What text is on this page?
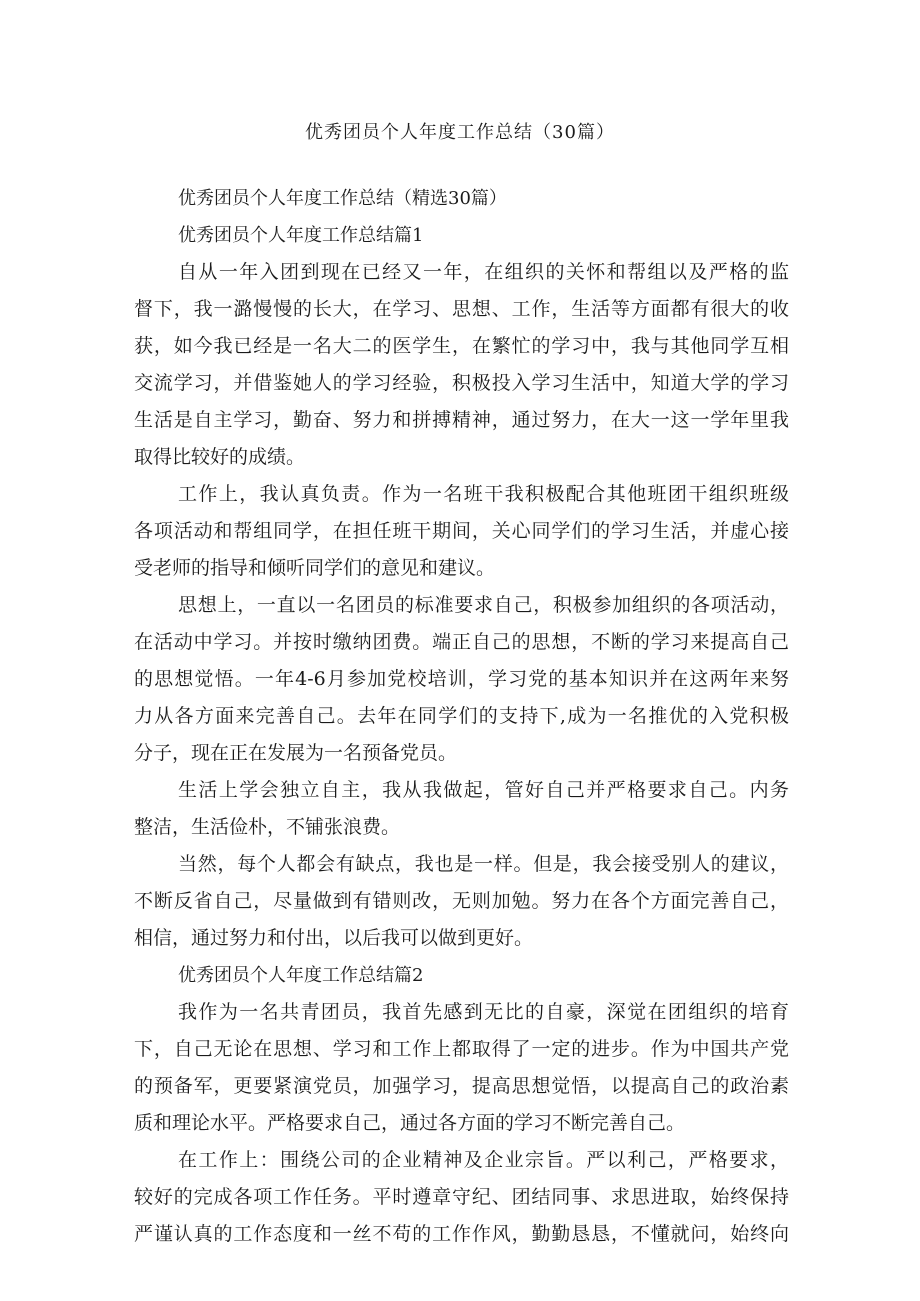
优秀团员个人年度工作总结（30篇）
优秀团员个人年度工作总结（精选30篇）
优秀团员个人年度工作总结篇1
自从一年入团到现在已经又一年，在组织的关怀和帮组以及严格的监
督下，我一潞慢慢的长大，在学习、思想、工作，生活等方面都有很大的收
获，如今我已经是一名大二的医学生，在繁忙的学习中，我与其他同学互相
交流学习，并借鉴她人的学习经验，积极投入学习生活中，知道大学的学习
生活是自主学习，勤奋、努力和拼搏精神，通过努力，在大一这一学年里我
取得比较好的成绩。
工作上，我认真负责。作为一名班干我积极配合其他班团干组织班级
各项活动和帮组同学，在担任班干期间，关心同学们的学习生活，并虚心接
受老师的指导和倾听同学们的意见和建议。
思想上，一直以一名团员的标准要求自己，积极参加组织的各项活动，
在活动中学习。并按时缴纳团费。端正自己的思想，不断的学习来提高自己
的思想觉悟。一年4-6月参加党校培训，学习党的基本知识并在这两年来努
力从各方面来完善自己。去年在同学们的支持下,成为一名推优的入党积极
分子，现在正在发展为一名预备党员。
生活上学会独立自主，我从我做起，管好自己并严格要求自己。内务
整洁，生活俭朴，不铺张浪费。
当然，每个人都会有缺点，我也是一样。但是，我会接受别人的建议，
不断反省自己，尽量做到有错则改，无则加勉。努力在各个方面完善自己，
相信，通过努力和付出，以后我可以做到更好。
优秀团员个人年度工作总结篇2
我作为一名共青团员，我首先感到无比的自豪，深觉在团组织的培育
下，自己无论在思想、学习和工作上都取得了一定的进步。作为中国共产党
的预备军，更要紧演党员，加强学习，提高思想觉悟，以提高自己的政治素
质和理论水平。严格要求自己，通过各方面的学习不断完善自己。
在工作上：围绕公司的企业精神及企业宗旨。严以利己，严格要求，
较好的完成各项工作任务。平时遵章守纪、团结同事、求思进取，始终保持
严谨认真的工作态度和一丝不苟的工作作风，勤勤恳恳，不懂就问，始终向
